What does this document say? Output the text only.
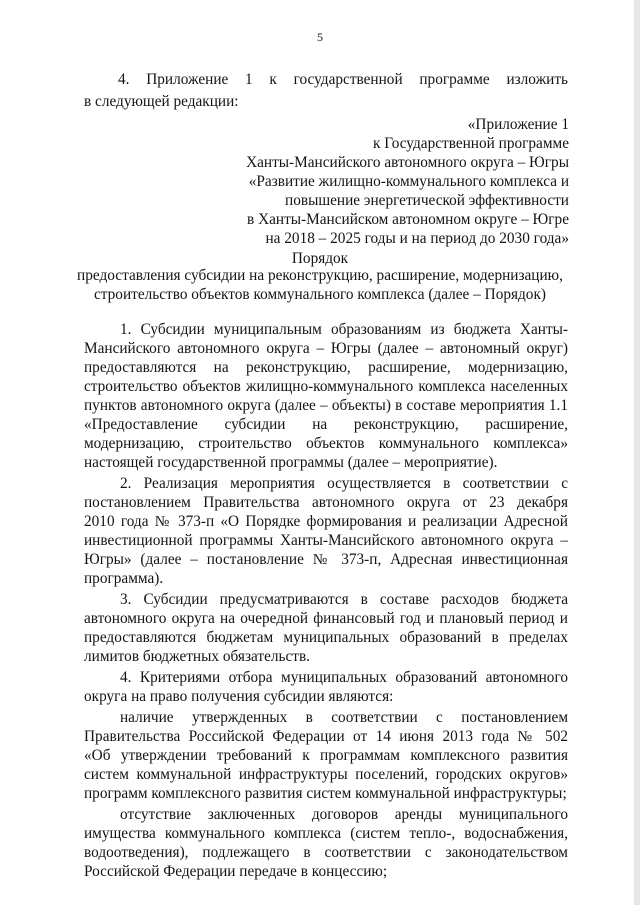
5
4. Приложение 1 к государственной программе изложить
в следующей редакции:
«Приложение 1
к Государственной программе
Ханты-Мансийского автономного округа – Югры
«Развитие жилищно-коммунального комплекса и
повышение энергетической эффективности
в Ханты-Мансийском автономном округе – Югре
на 2018 – 2025 годы и на период до 2030 года»
Порядок
предоставления субсидии на реконструкцию, расширение, модернизацию,
строительство объектов коммунального комплекса (далее – Порядок)
1. Субсидии муниципальным образованиям из бюджета Ханты-
Мансийского автономного округа – Югры (далее – автономный округ)
предоставляются на реконструкцию, расширение, модернизацию,
строительство объектов жилищно-коммунального комплекса населенных
пунктов автономного округа (далее – объекты) в составе мероприятия 1.1
«Предоставление субсидии на реконструкцию, расширение,
модернизацию, строительство объектов коммунального комплекса»
настоящей государственной программы (далее – мероприятие).
2. Реализация мероприятия осуществляется в соответствии с
постановлением Правительства автономного округа от 23 декабря
2010 года № 373-п «О Порядке формирования и реализации Адресной
инвестиционной программы Ханты-Мансийского автономного округа –
Югры» (далее – постановление № 373-п, Адресная инвестиционная
программа).
3. Субсидии предусматриваются в составе расходов бюджета
автономного округа на очередной финансовый год и плановый период и
предоставляются бюджетам муниципальных образований в пределах
лимитов бюджетных обязательств.
4. Критериями отбора муниципальных образований автономного
округа на право получения субсидии являются:
наличие утвержденных в соответствии с постановлением
Правительства Российской Федерации от 14 июня 2013 года № 502
«Об утверждении требований к программам комплексного развития
систем коммунальной инфраструктуры поселений, городских округов»
программ комплексного развития систем коммунальной инфраструктуры;
отсутствие заключенных договоров аренды муниципального
имущества коммунального комплекса (систем тепло-, водоснабжения,
водоотведения), подлежащего в соответствии с законодательством
Российской Федерации передаче в концессию;
